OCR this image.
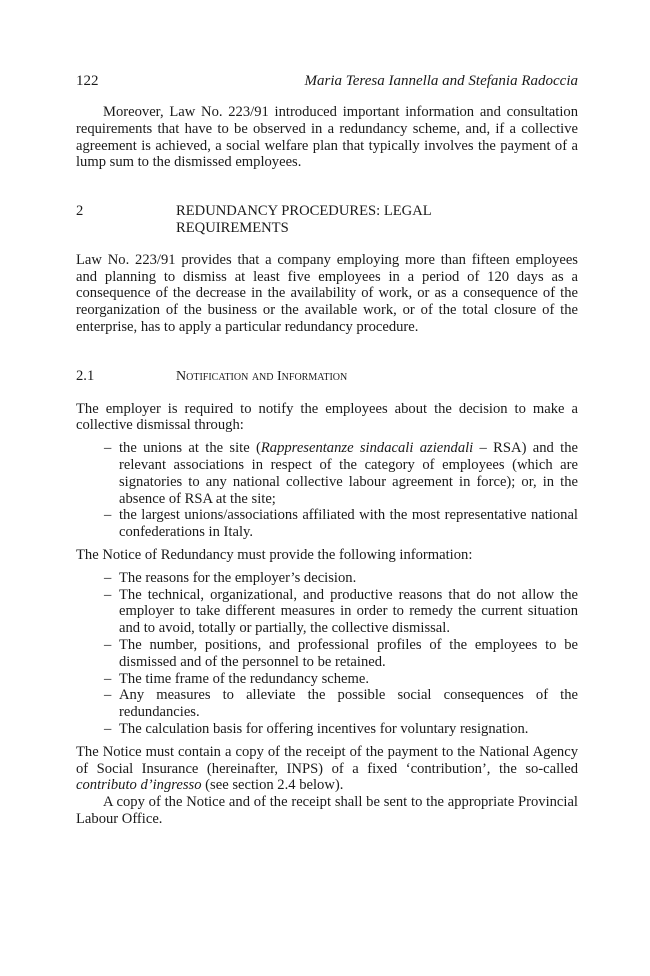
122	Maria Teresa Iannella and Stefania Radoccia

Moreover, Law No. 223/91 introduced important information and consultation requirements that have to be observed in a redundancy scheme, and, if a collective agreement is achieved, a social welfare plan that typically involves the payment of a lump sum to the dismissed employees.

2	REDUNDANCY PROCEDURES: LEGAL REQUIREMENTS

Law No. 223/91 provides that a company employing more than fifteen employees and planning to dismiss at least five employees in a period of 120 days as a consequence of the decrease in the availability of work, or as a consequence of the reorganization of the business or the available work, or of the total closure of the enterprise, has to apply a particular redundancy procedure.

2.1	Notification and Information

The employer is required to notify the employees about the decision to make a collective dismissal through:

– the unions at the site (Rappresentanze sindacali aziendali – RSA) and the relevant associations in respect of the category of employees (which are signatories to any national collective labour agreement in force); or, in the absence of RSA at the site;
– the largest unions/associations affiliated with the most representative national confederations in Italy.

The Notice of Redundancy must provide the following information:

– The reasons for the employer’s decision.
– The technical, organizational, and productive reasons that do not allow the employer to take different measures in order to remedy the current situation and to avoid, totally or partially, the collective dismissal.
– The number, positions, and professional profiles of the employees to be dismissed and of the personnel to be retained.
– The time frame of the redundancy scheme.
– Any measures to alleviate the possible social consequences of the redundancies.
– The calculation basis for offering incentives for voluntary resignation.

The Notice must contain a copy of the receipt of the payment to the National Agency of Social Insurance (hereinafter, INPS) of a fixed ‘contribution’, the so-called contributo d’ingresso (see section 2.4 below).

A copy of the Notice and of the receipt shall be sent to the appropriate Provincial Labour Office.
